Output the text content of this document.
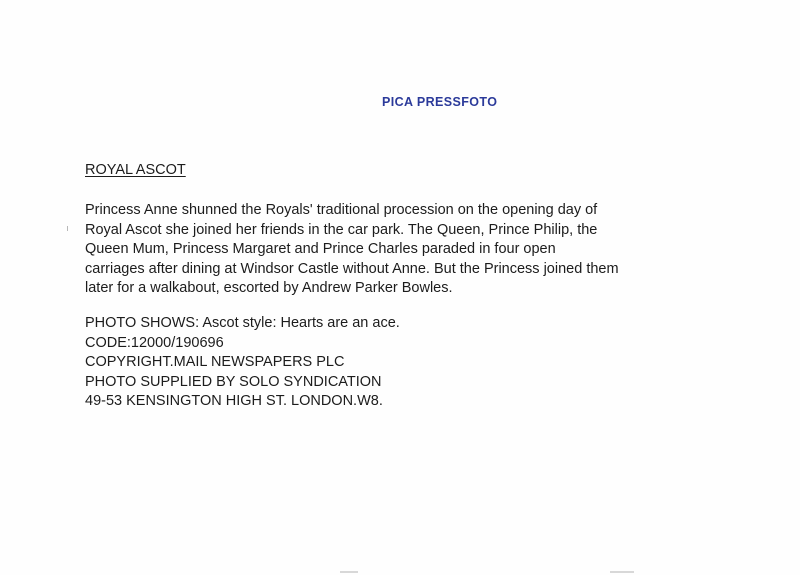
PICA PRESSFOTO
ROYAL ASCOT
Princess Anne shunned the Royals' traditional procession on the opening day of
Royal Ascot she joined her friends in the car park. The Queen, Prince Philip, the
Queen Mum, Princess Margaret and Prince Charles paraded in four open
carriages after dining at Windsor Castle without Anne. But the Princess joined them
later for a walkabout, escorted by Andrew Parker Bowles.
PHOTO SHOWS: Ascot style: Hearts are an ace.
CODE:12000/190696
COPYRIGHT.MAIL NEWSPAPERS PLC
PHOTO SUPPLIED BY SOLO SYNDICATION
49-53 KENSINGTON HIGH ST. LONDON.W8.
